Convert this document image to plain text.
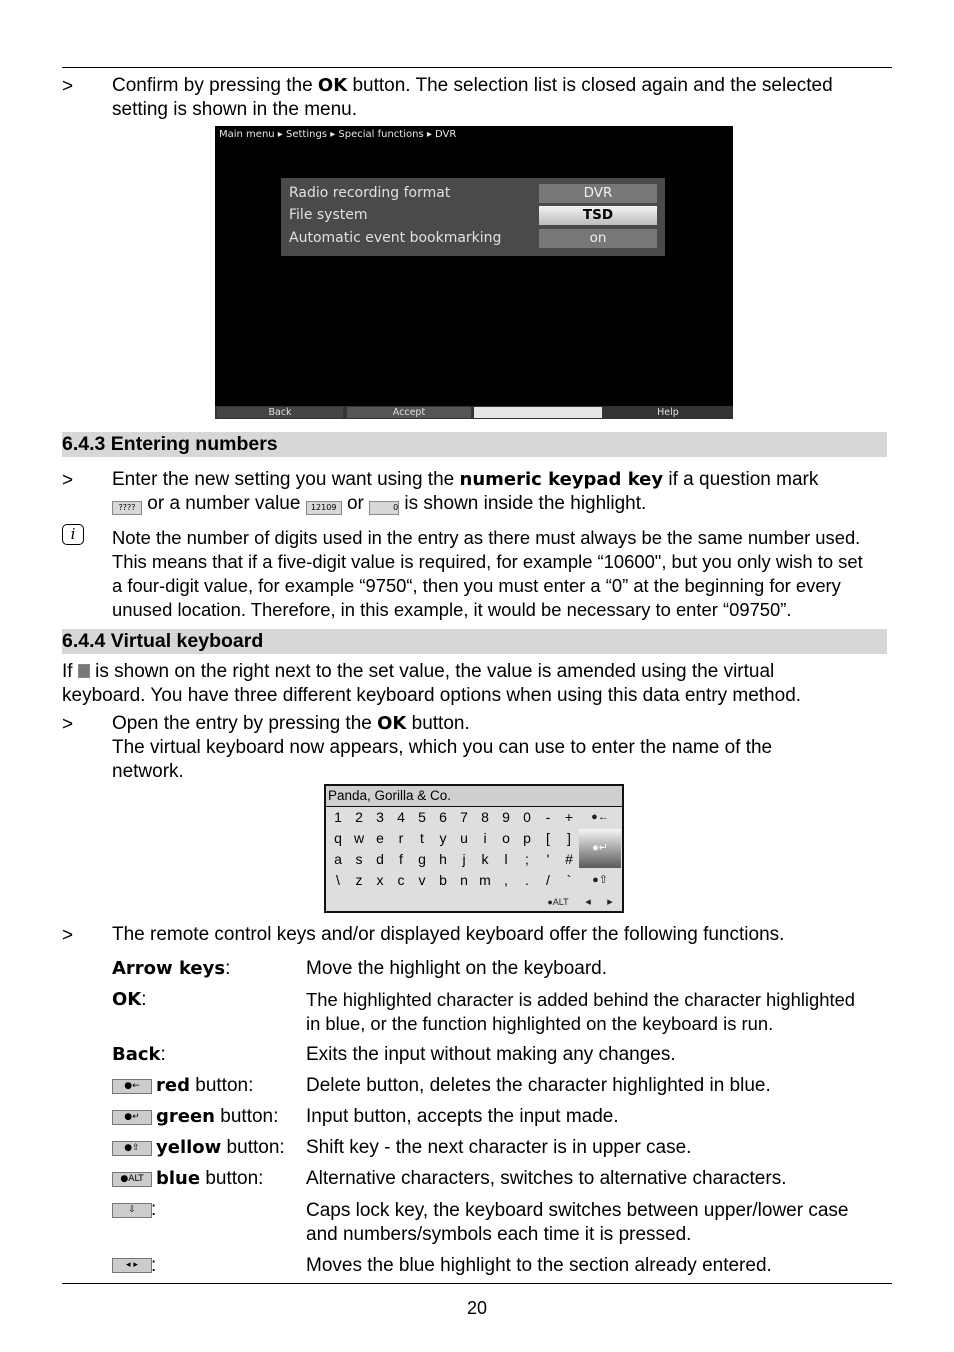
> Confirm by pressing the OK button. The selection list is closed again and the selected
setting is shown in the menu.
Main menu ▸ Settings ▸ Special functions ▸ DVR
Radio recording format	DVR
File system	TSD
Automatic event bookmarking	on
Back	Accept	Help
6.4.3 Entering numbers
> Enter the new setting you want using the numeric keypad key if a question mark
???? or a number value 12109 or	0 is shown inside the highlight.
i	Note the number of digits used in the entry as there must always be the same number used.
This means that if a five-digit value is required, for example “10600", but you only wish to set
a four-digit value, for example “9750“, then you must enter a “0” at the beginning for every
unused location. Therefore, in this example, it would be necessary to enter “09750”.
6.4.4 Virtual keyboard
If  is shown on the right next to the set value, the value is amended using the virtual
keyboard. You have three different keyboard options when using this data entry method.
> Open the entry by pressing the OK button.
The virtual keyboard now appears, which you can use to enter the name of the
network.
Panda, Gorilla & Co.
1 2 3 4 5 6 7 8 9 0	-	+
q w e	r	t	y u	i	o p	[	]
a s d	f	g h	j	k	l	;	'	#
\	z	x	c	v b n m ,	.	/	`
●←
●↵
●⇧
●ALT	◂	▸
> The remote control keys and/or displayed keyboard offer the following functions.
Arrow keys:	Move the highlight on the keyboard.
OK:	The highlighted character is added behind the character highlighted
in blue, or the function highlighted on the keyboard is run.
Back:	Exits the input without making any changes.
●← red button:	Delete button, deletes the character highlighted in blue.
●↵ green button: Input button, accepts the input made.
●⇧ yellow button: Shift key - the next character is in upper case.
●ALT blue button: Alternative characters, switches to alternative characters.
⇩ :	Caps lock key, the keyboard switches between upper/lower case
and numbers/symbols each time it is pressed.
◂ ▸ :	Moves the blue highlight to the section already entered.
20
